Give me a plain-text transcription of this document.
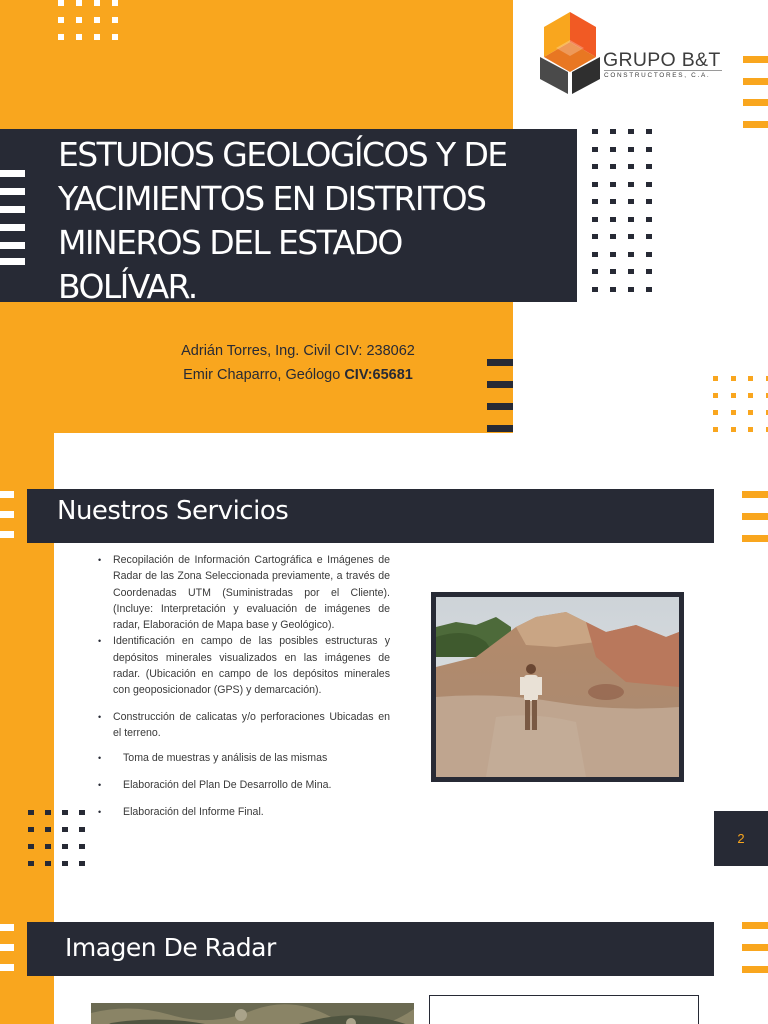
GRUPO B&T
CONSTRUCTORES, C.A.
ESTUDIOS GEOLOGÍCOS Y DE
YACIMIENTOS EN DISTRITOS
MINEROS DEL ESTADO
BOLÍVAR.
Adrián Torres, Ing. Civil CIV: 238062
Emir Chaparro, Geólogo CIV:65681
Nuestros Servicios
• Recopilación de Información Cartográfica e Imágenes de Radar de las Zona Seleccionada previamente, a través de Coordenadas UTM (Suministradas por el Cliente). (Incluye: Interpretación y evaluación de imágenes de radar, Elaboración de Mapa base y Geológico).
• Identificación en campo de las posibles estructuras y depósitos minerales visualizados en las imágenes de radar. (Ubicación en campo de los depósitos minerales con geoposicionador (GPS) y demarcación).
• Construcción de calicatas y/o perforaciones Ubicadas en el terreno.
• Toma de muestras y análisis de las mismas
• Elaboración del Plan De Desarrollo de Mina.
• Elaboración del Informe Final.
2
Imagen De Radar
